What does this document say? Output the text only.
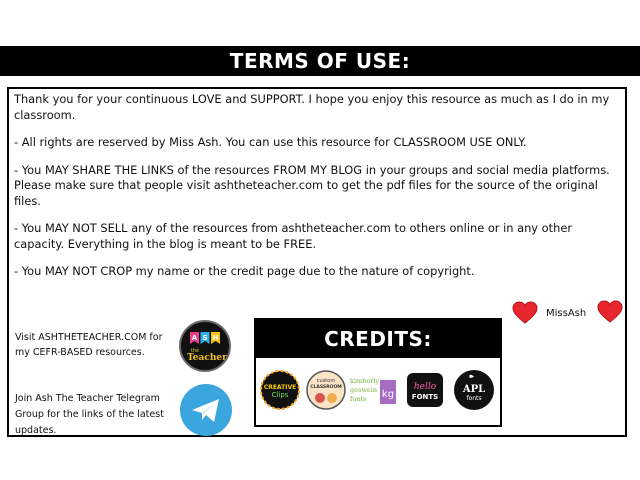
TERMS OF USE:

Thank you for your continuous LOVE and SUPPORT. I hope you enjoy this resource as much as I do in my classroom.

- All rights are reserved by Miss Ash. You can use this resource for CLASSROOM USE ONLY.

- You MAY SHARE THE LINKS of the resources FROM MY BLOG in your groups and social media platforms. Please make sure that people visit ashtheteacher.com to get the pdf files for the source of the original files.

- You MAY NOT SELL any of the resources from ashtheteacher.com to others online or in any other capacity. Everything in the blog is meant to be FREE.

- You MAY NOT CROP my name or the credit page due to the nature of copyright.

Visit ASHTHETEACHER.COM for my CEFR-BASED resources.
Join Ash The Teacher Telegram Group for the links of the latest updates.
A S H
the
Teacher
CREDITS:
CREATIVE
Clips
custom
CLASSROOM
kimberly
geswein
fonts kg
hello
FONTS
APL
fonts
MissAsh
